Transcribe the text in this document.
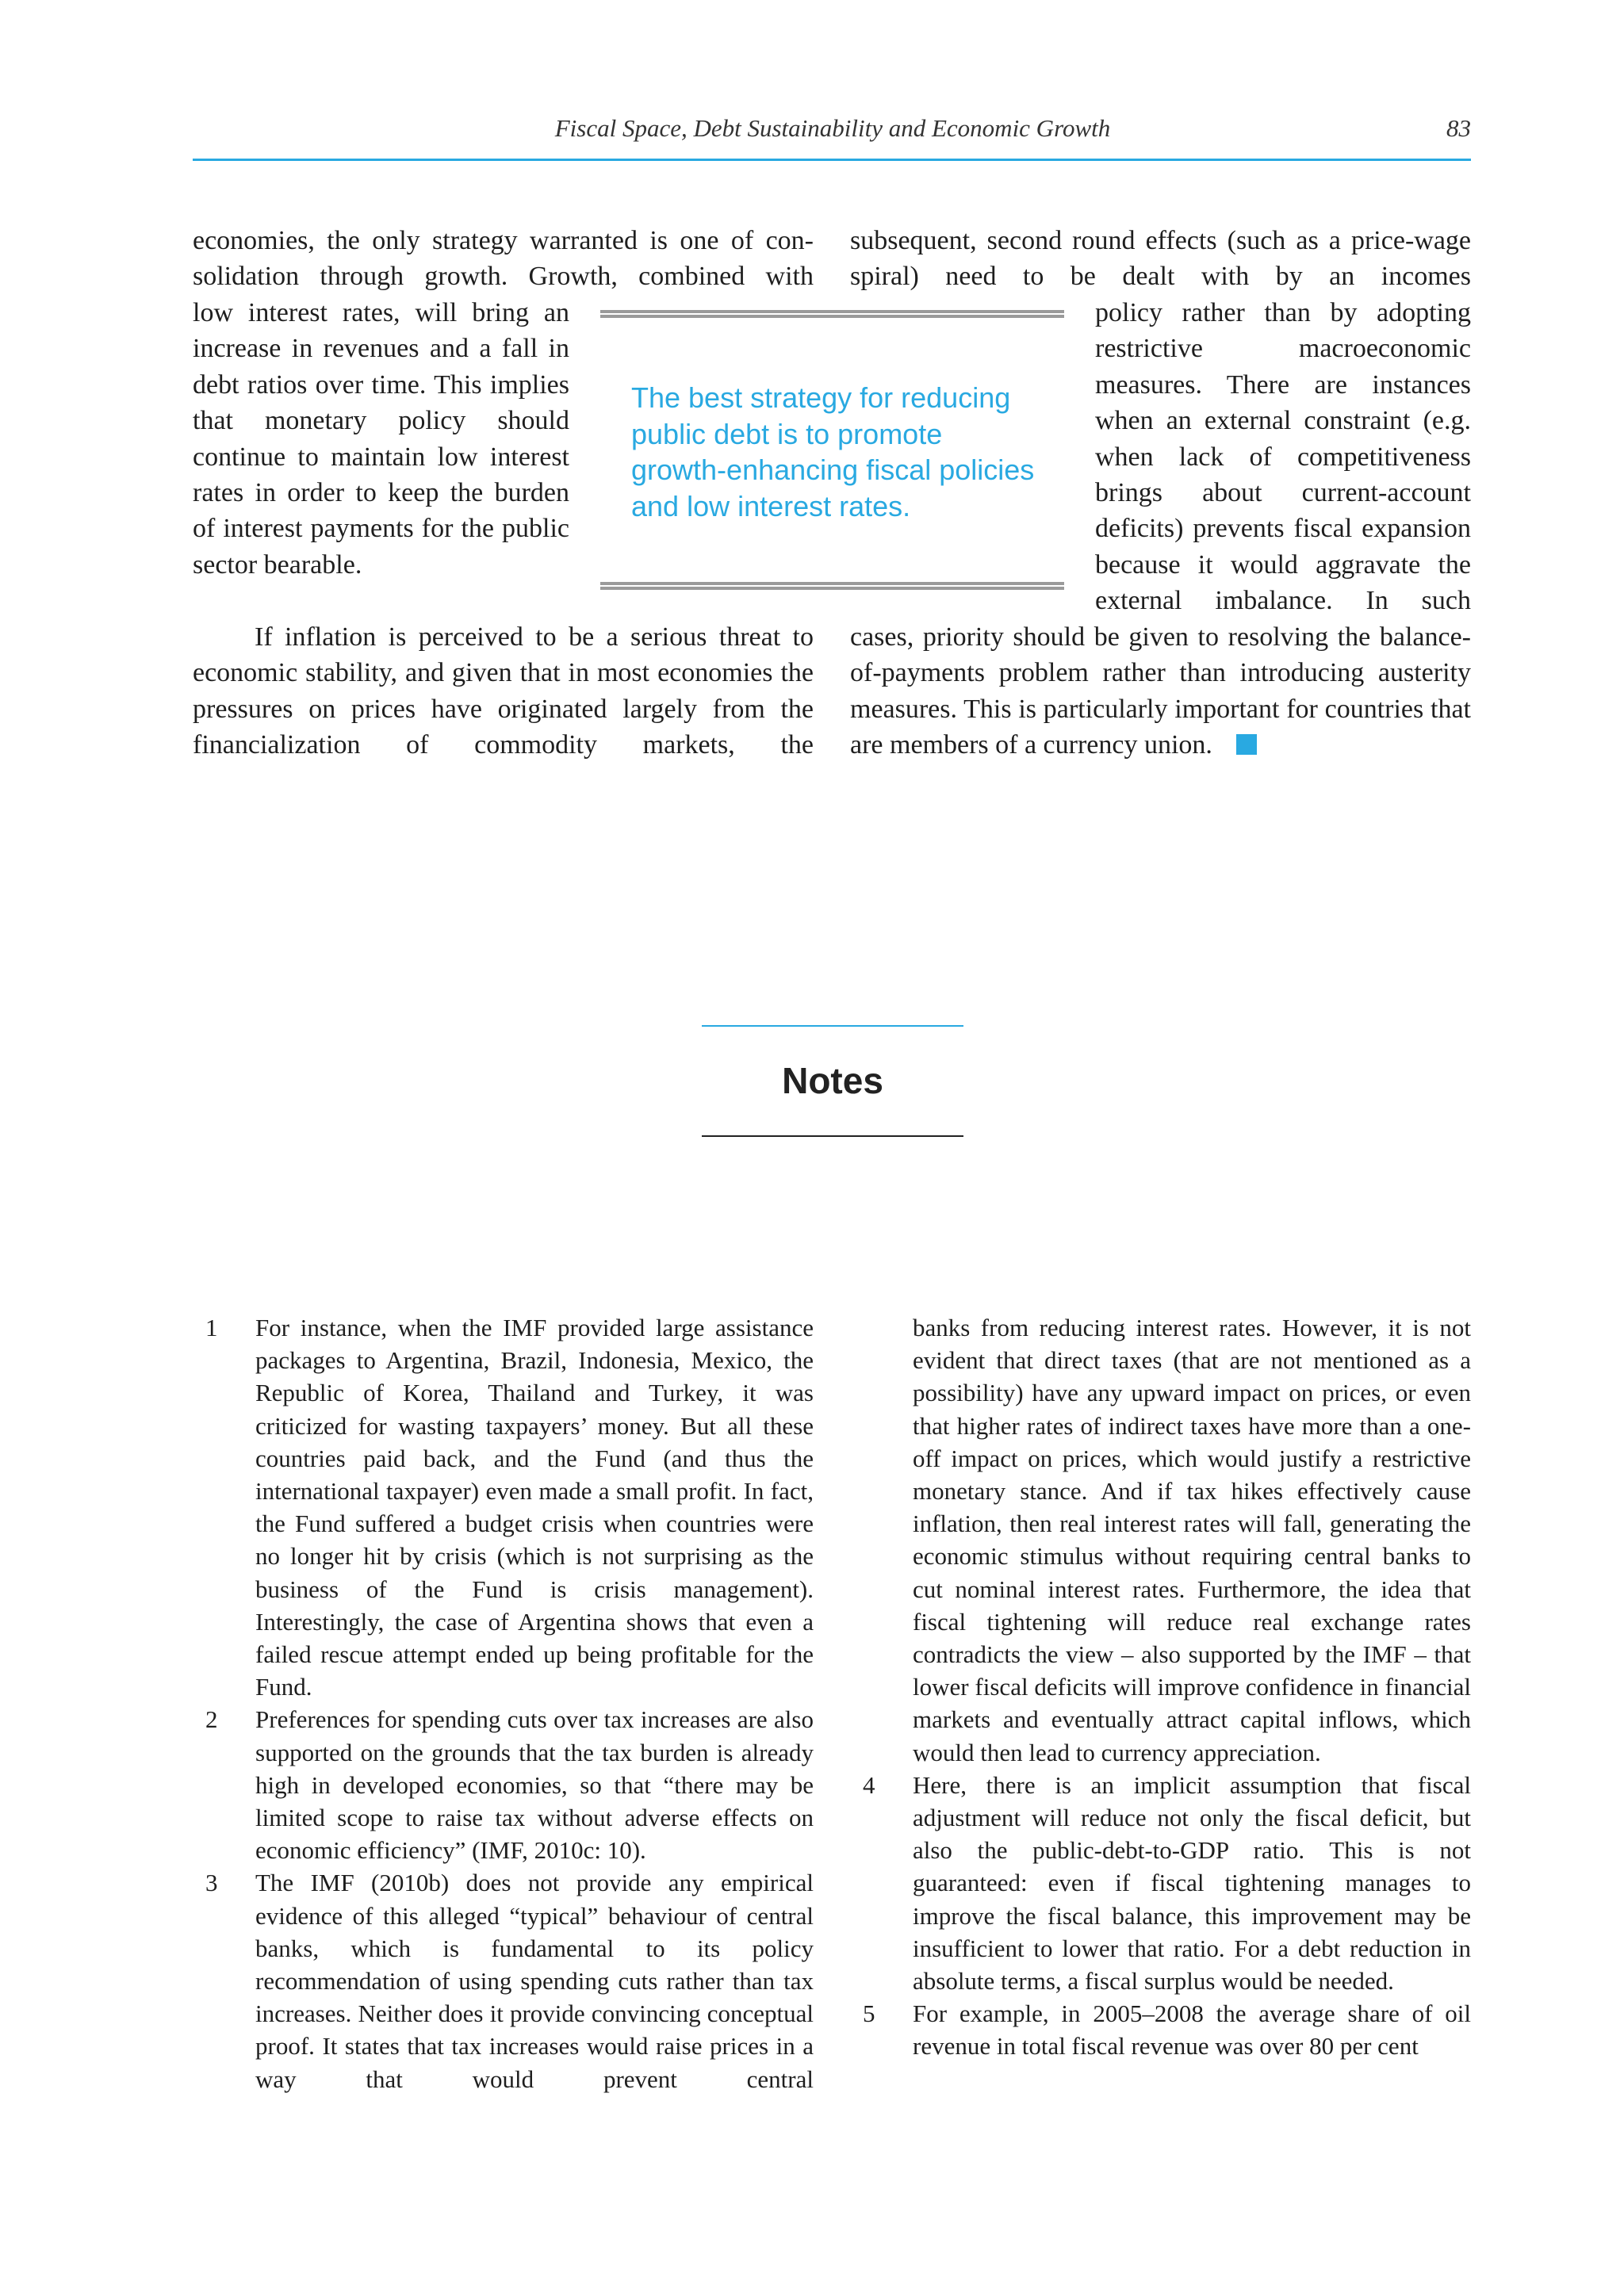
Fiscal Space, Debt Sustainability and Economic Growth	83

economies, the only strategy warranted is one of consolidation through growth. Growth, combined with

low interest rates, will bring an increase in revenues and a fall in debt ratios over time. This implies that monetary policy should continue to maintain low interest rates in order to keep the burden of interest payments for the public sector bearable.

If inflation is perceived to be a serious threat to economic stability, and given that in most economies the pressures on prices have originated largely from the financialization of commodity markets, the

subsequent, second round effects (such as a price-wage spiral) need to be dealt with by an incomes

policy rather than by adopting restrictive macroeconomic measures. There are instances when an external constraint (e.g. when lack of competitiveness brings about current-account deficits) prevents fiscal expansion because it would aggravate the external imbalance. In such

cases, priority should be given to resolving the balance-of-payments problem rather than introducing austerity measures. This is particularly important for countries that are members of a currency union.

The best strategy for reducing public debt is to promote growth-enhancing fiscal policies and low interest rates.

Notes
1 For instance, when the IMF provided large assistance packages to Argentina, Brazil, Indonesia, Mexico, the Republic of Korea, Thailand and Turkey, it was criticized for wasting taxpayers’ money. But all these countries paid back, and the Fund (and thus the international taxpayer) even made a small profit. In fact, the Fund suffered a budget crisis when countries were no longer hit by crisis (which is not surprising as the business of the Fund is crisis management). Interestingly, the case of Argentina shows that even a failed rescue attempt ended up being profitable for the Fund.
2 Preferences for spending cuts over tax increases are also supported on the grounds that the tax burden is already high in developed economies, so that “there may be limited scope to raise tax without adverse effects on economic efficiency” (IMF, 2010c: 10).
3 The IMF (2010b) does not provide any empirical evidence of this alleged “typical” behaviour of central banks, which is fundamental to its policy recommendation of using spending cuts rather than tax increases. Neither does it provide convincing conceptual proof. It states that tax increases would raise prices in a way that would prevent central
banks from reducing interest rates. However, it is not evident that direct taxes (that are not mentioned as a possibility) have any upward impact on prices, or even that higher rates of indirect taxes have more than a one-off impact on prices, which would justify a restrictive monetary stance. And if tax hikes effectively cause inflation, then real interest rates will fall, generating the economic stimulus without requiring central banks to cut nominal interest rates. Furthermore, the idea that fiscal tightening will reduce real exchange rates contradicts the view – also supported by the IMF – that lower fiscal deficits will improve confidence in financial markets and eventually attract capital inflows, which would then lead to currency appreciation.
4 Here, there is an implicit assumption that fiscal adjustment will reduce not only the fiscal deficit, but also the public-debt-to-GDP ratio. This is not guaranteed: even if fiscal tightening manages to improve the fiscal balance, this improvement may be insufficient to lower that ratio. For a debt reduction in absolute terms, a fiscal surplus would be needed.
5 For example, in 2005–2008 the average share of oil revenue in total fiscal revenue was over 80 per cent
